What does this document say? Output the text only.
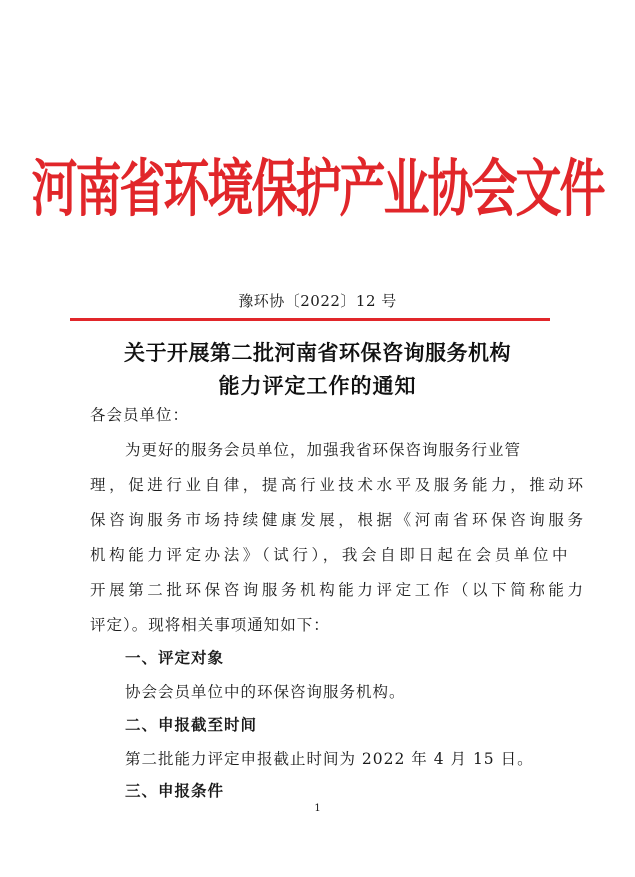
河南省环境保护产业协会文件
豫环协〔2022〕12 号
关于开展第二批河南省环保咨询服务机构
能力评定工作的通知
各会员单位：
为更好的服务会员单位，加强我省环保咨询服务行业管
理，促进行业自律，提高行业技术水平及服务能力，推动环
保咨询服务市场持续健康发展，根据《河南省环保咨询服务
机构能力评定办法》（试行），我会自即日起在会员单位中
开展第二批环保咨询服务机构能力评定工作（以下简称能力
评定）。现将相关事项通知如下：
一、评定对象
协会会员单位中的环保咨询服务机构。
二、申报截至时间
第二批能力评定申报截止时间为 2022 年 4 月 15 日。
三、申报条件
1
